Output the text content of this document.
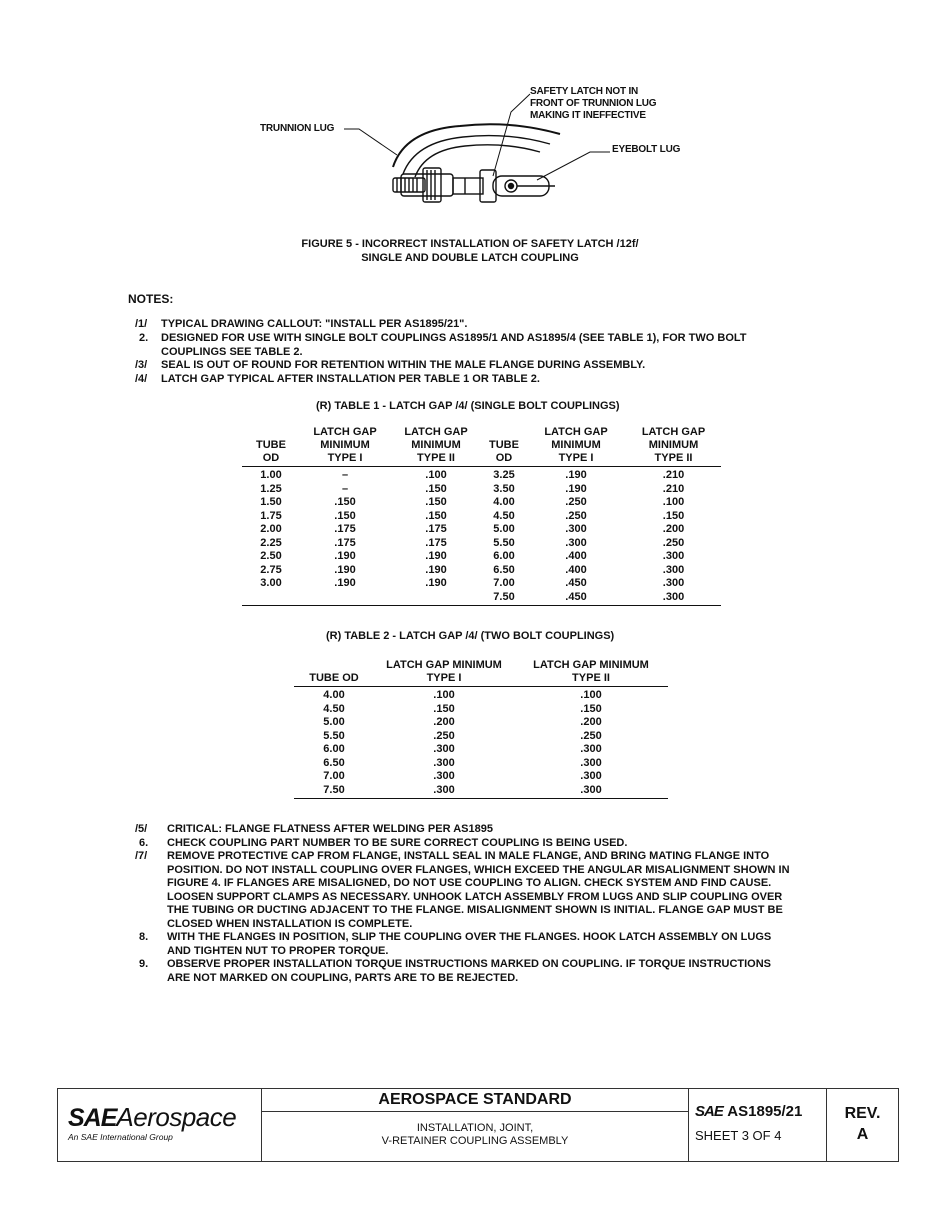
TRUNNION LUG
SAFETY LATCH NOT IN
FRONT OF TRUNNION LUG
MAKING IT INEFFECTIVE
EYEBOLT LUG
FIGURE 5 - INCORRECT INSTALLATION OF SAFETY LATCH /12f/
SINGLE AND DOUBLE LATCH COUPLING
NOTES:
/1/	TYPICAL DRAWING CALLOUT: "INSTALL PER AS1895/21".
2.	DESIGNED FOR USE WITH SINGLE BOLT COUPLINGS AS1895/1 AND AS1895/4 (SEE TABLE 1), FOR TWO BOLT
COUPLINGS SEE TABLE 2.
/3/	SEAL IS OUT OF ROUND FOR RETENTION WITHIN THE MALE FLANGE DURING ASSEMBLY.
/4/	LATCH GAP TYPICAL AFTER INSTALLATION PER TABLE 1 OR TABLE 2.
(R) TABLE 1 - LATCH GAP /4/ (SINGLE BOLT COUPLINGS)
	LATCH GAP	LATCH GAP		LATCH GAP	LATCH GAP
TUBE	MINIMUM	MINIMUM	TUBE	MINIMUM	MINIMUM
OD	TYPE I	TYPE II	OD	TYPE I	TYPE II
1.00	–	.100	3.25	.190	.210
1.25	–	.150	3.50	.190	.210
1.50	.150	.150	4.00	.250	.100
1.75	.150	.150	4.50	.250	.150
2.00	.175	.175	5.00	.300	.200
2.25	.175	.175	5.50	.300	.250
2.50	.190	.190	6.00	.400	.300
2.75	.190	.190	6.50	.400	.300
3.00	.190	.190	7.00	.450	.300
			7.50	.450	.300
(R) TABLE 2 - LATCH GAP /4/ (TWO BOLT COUPLINGS)
	LATCH GAP MINIMUM	LATCH GAP MINIMUM
TUBE OD	TYPE I	TYPE II
4.00	.100	.100
4.50	.150	.150
5.00	.200	.200
5.50	.250	.250
6.00	.300	.300
6.50	.300	.300
7.00	.300	.300
7.50	.300	.300
/5/	CRITICAL: FLANGE FLATNESS AFTER WELDING PER AS1895
6.	CHECK COUPLING PART NUMBER TO BE SURE CORRECT COUPLING IS BEING USED.
/7/	REMOVE PROTECTIVE CAP FROM FLANGE, INSTALL SEAL IN MALE FLANGE, AND BRING MATING FLANGE INTO
POSITION. DO NOT INSTALL COUPLING OVER FLANGES, WHICH EXCEED THE ANGULAR MISALIGNMENT SHOWN IN
FIGURE 4. IF FLANGES ARE MISALIGNED, DO NOT USE COUPLING TO ALIGN. CHECK SYSTEM AND FIND CAUSE.
LOOSEN SUPPORT CLAMPS AS NECESSARY. UNHOOK LATCH ASSEMBLY FROM LUGS AND SLIP COUPLING OVER
THE TUBING OR DUCTING ADJACENT TO THE FLANGE. MISALIGNMENT SHOWN IS INITIAL. FLANGE GAP MUST BE
CLOSED WHEN INSTALLATION IS COMPLETE.
8.	WITH THE FLANGES IN POSITION, SLIP THE COUPLING OVER THE FLANGES. HOOK LATCH ASSEMBLY ON LUGS
AND TIGHTEN NUT TO PROPER TORQUE.
9.	OBSERVE PROPER INSTALLATION TORQUE INSTRUCTIONS MARKED ON COUPLING. IF TORQUE INSTRUCTIONS
ARE NOT MARKED ON COUPLING, PARTS ARE TO BE REJECTED.
SAEAerospace
An SAE International Group
AEROSPACE STANDARD
INSTALLATION, JOINT,
V-RETAINER COUPLING ASSEMBLY
SAE AS1895/21
SHEET 3 OF 4
REV.
A
